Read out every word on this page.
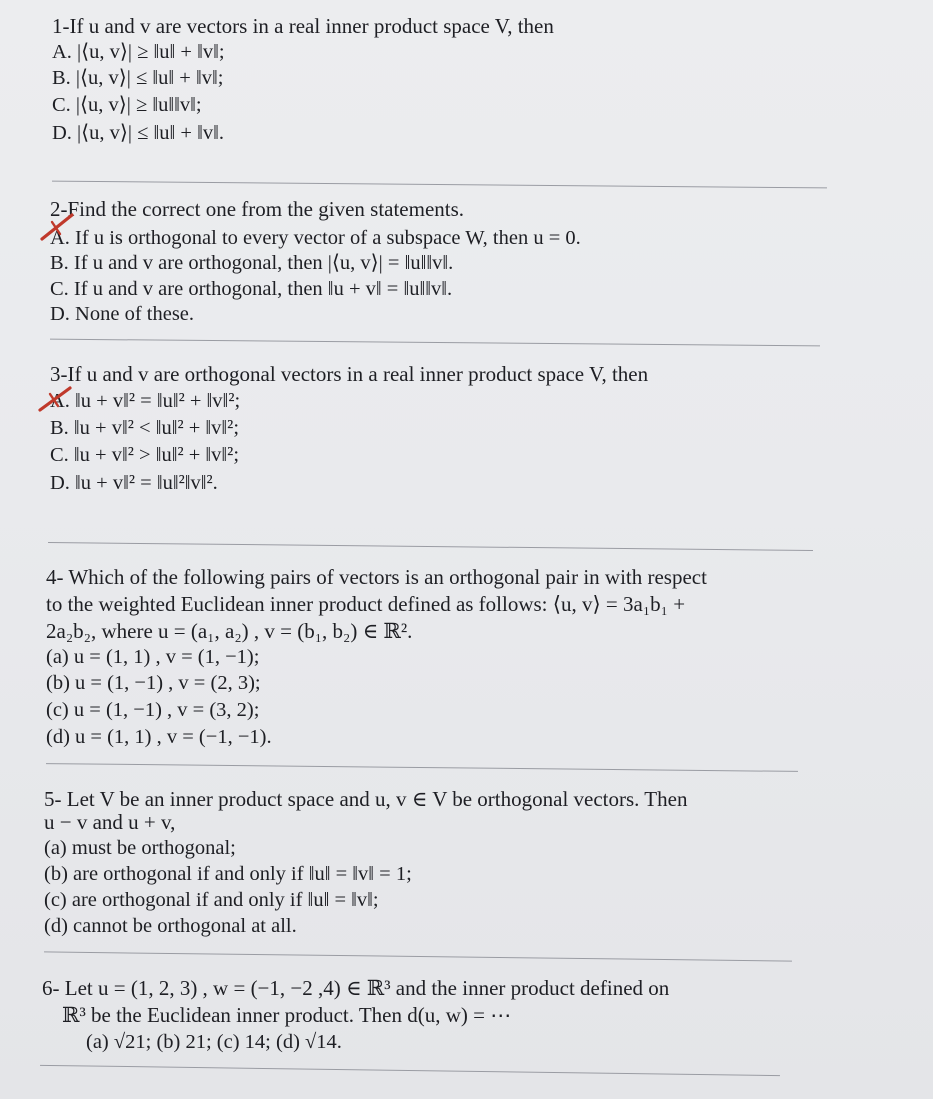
1-If u and v are vectors in a real inner product space V, then
A. |⟨u, v⟩| ≥ ‖u‖ + ‖v‖;
B. |⟨u, v⟩| ≤ ‖u‖ + ‖v‖;
C. |⟨u, v⟩| ≥ ‖u‖‖v‖;
D. |⟨u, v⟩| ≤ ‖u‖ + ‖v‖.
2-Find the correct one from the given statements.
A. If u is orthogonal to every vector of a subspace W, then u = 0.
B. If u and v are orthogonal, then |⟨u, v⟩| = ‖u‖‖v‖.
C. If u and v are orthogonal, then ‖u + v‖ = ‖u‖‖v‖.
D. None of these.
3-If u and v are orthogonal vectors in a real inner product space V, then
A. ‖u + v‖² = ‖u‖² + ‖v‖²;
B. ‖u + v‖² < ‖u‖² + ‖v‖²;
C. ‖u + v‖² > ‖u‖² + ‖v‖²;
D. ‖u + v‖² = ‖u‖²‖v‖².
4- Which of the following pairs of vectors is an orthogonal pair in with respect
to the weighted Euclidean inner product defined as follows: ⟨u, v⟩ = 3a₁b₁ +
2a₂b₂, where u = (a₁, a₂) , v = (b₁, b₂) ∈ ℝ².
(a) u = (1, 1) , v = (1, −1);
(b) u = (1, −1) , v = (2, 3);
(c) u = (1, −1) , v = (3, 2);
(d) u = (1, 1) , v = (−1, −1).
5- Let V be an inner product space and u, v ∈ V be orthogonal vectors. Then
u − v and u + v,
(a) must be orthogonal;
(b) are orthogonal if and only if ‖u‖ = ‖v‖ = 1;
(c) are orthogonal if and only if ‖u‖ = ‖v‖;
(d) cannot be orthogonal at all.
6- Let u = (1, 2, 3) , w = (−1, −2 ,4) ∈ ℝ³ and the inner product defined on
ℝ³ be the Euclidean inner product. Then d(u, w) = ⋯
(a) √21; (b) 21; (c) 14; (d) √14.
